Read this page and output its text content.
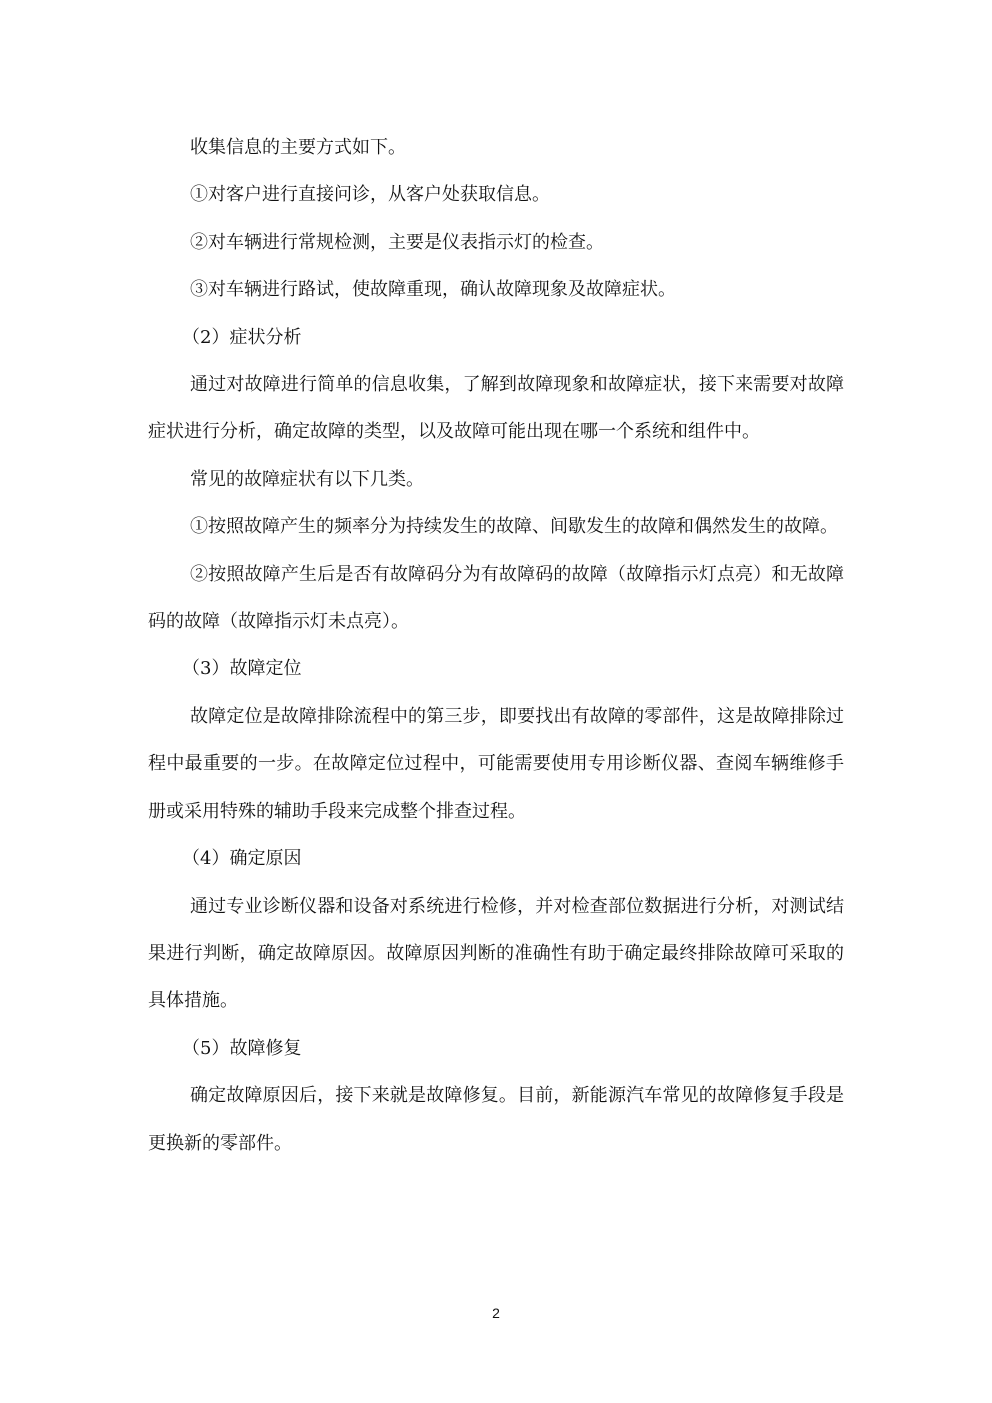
收集信息的主要方式如下。

①对客户进行直接问诊，从客户处获取信息。

②对车辆进行常规检测，主要是仪表指示灯的检查。

③对车辆进行路试，使故障重现，确认故障现象及故障症状。

（2）症状分析

通过对故障进行简单的信息收集，了解到故障现象和故障症状，接下来需要对故障 症状进行分析，确定故障的类型，以及故障可能出现在哪一个系统和组件中。

常见的故障症状有以下几类。

①按照故障产生的频率分为持续发生的故障、间歇发生的故障和偶然发生的故障。

②按照故障产生后是否有故障码分为有故障码的故障（故障指示灯点亮）和无故障码的故障（故障指示灯未点亮）。

（3）故障定位

故障定位是故障排除流程中的第三步，即要找出有故障的零部件，这是故障排除过程中最重要的一步。在故障定位过程中，可能需要使用专用诊断仪器、查阅车辆维修手册或采用特殊的辅助手段来完成整个排查过程。

（4）确定原因

通过专业诊断仪器和设备对系统进行检修，并对检查部位数据进行分析，对测试结果进行判断，确定故障原因。故障原因判断的准确性有助于确定最终排除故障可采取的具体措施。

（5）故障修复

确定故障原因后，接下来就是故障修复。目前，新能源汽车常见的故障修复手段是更换新的零部件。

2
